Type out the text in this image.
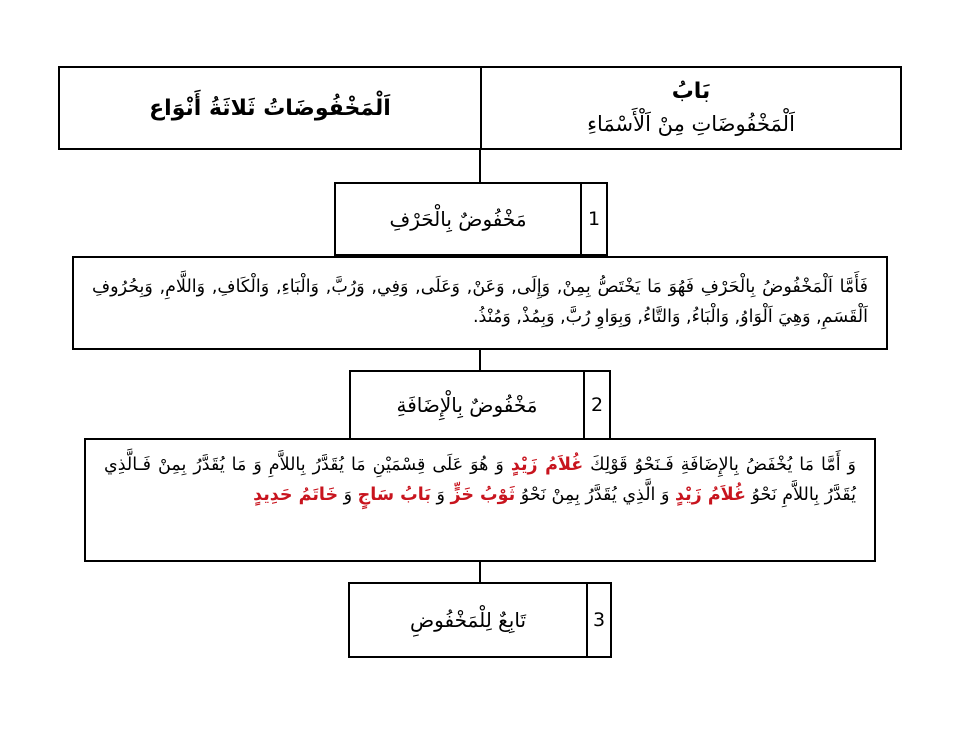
بَابُ
اَلْمَخْفُوضَاتِ مِنْ اَلْأَسْمَاءِ
اَلْمَخْفُوضَاتُ ثَلاثَةُ أَنْوَاع
1
مَخْفُوضٌ بِالْحَرْفِ
فَأَمَّا اَلْمَخْفُوضُ بِالْحَرْفِ فَهُوَ مَا يَخْتَصُّ بِمِنْ, وَإِلَى, وَعَنْ, وَعَلَى, وَفِي, وَرُبَّ, وَالْبَاءِ, وَالْكَافِ, وَاللَّامِ, وَبِحُرُوفِ اَلْقَسَمِ, وَهِيَ اَلْوَاوُ, وَالْبَاءُ, وَالتَّاءُ, وَبِوَاوِ رُبَّ, وَبِمُذْ, وَمُنْذُ.
2
مَخْفُوضٌ بِالْإِضَافَةِ
وَ أَمَّا مَا يُخْفَضُ بِالإِضَافَةِ فَـنَحْوُ قَوْلِكَ غُلاَمُ زَيْدٍ وَ هُوَ عَلَى قِسْمَيْنِ مَا يُقَدَّرُ بِاللاَّمِ وَ مَا يُقَدَّرُ بِمِنْ فَـالَّذِي يُقَدَّرُ بِاللاَّمِ نَحْوُ غُلاَمُ زَيْدٍ وَ الَّذِي يُقَدَّرُ بِمِنْ نَحْوُ ثَوْبُ خَزٍّ وَ بَابُ سَاجٍ وَ خَاتَمُ حَدِيدٍ
3
تَابِعٌ لِلْمَخْفُوضِ
